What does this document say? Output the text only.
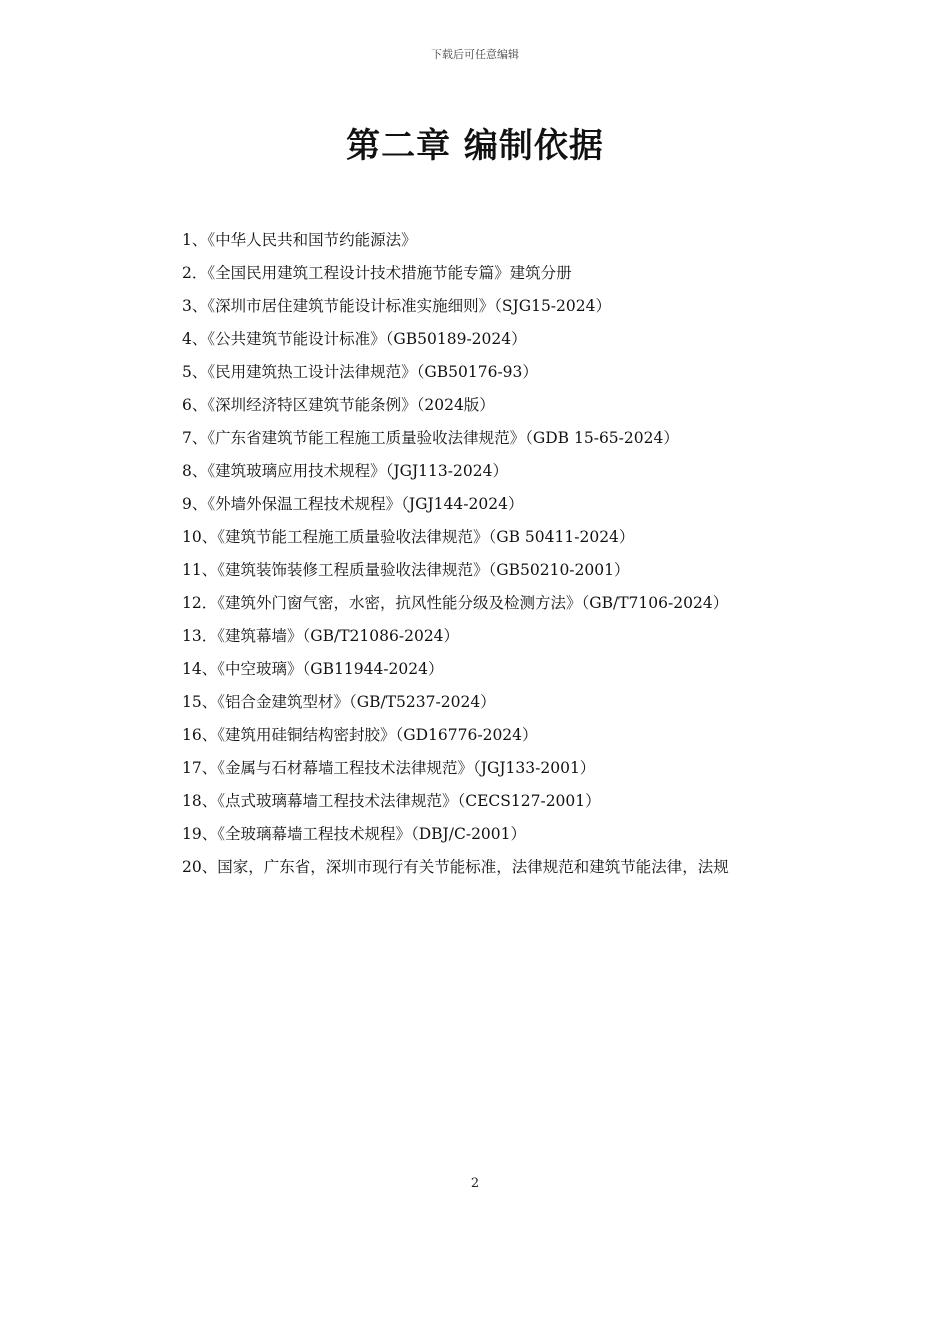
下载后可任意编辑
第二章 编制依据
1、《中华人民共和国节约能源法》
2．《全国民用建筑工程设计技术措施节能专篇》建筑分册
3、《深圳市居住建筑节能设计标准实施细则》（SJG15-2024）
4、《公共建筑节能设计标准》（GB50189-2024）
5、《民用建筑热工设计法律规范》（GB50176-93）
6、《深圳经济特区建筑节能条例》（2024版）
7、《广东省建筑节能工程施工质量验收法律规范》（GDB 15-65-2024）
8、《建筑玻璃应用技术规程》（JGJ113-2024）
9、《外墙外保温工程技术规程》（JGJ144-2024）
10、《建筑节能工程施工质量验收法律规范》（GB 50411-2024）
11、《建筑装饰装修工程质量验收法律规范》（GB50210-2001）
12．《建筑外门窗气密，水密，抗风性能分级及检测方法》（GB/T7106-2024）
13．《建筑幕墙》（GB/T21086-2024）
14、《中空玻璃》（GB11944-2024）
15、《铝合金建筑型材》（GB/T5237-2024）
16、《建筑用硅铜结构密封胶》（GD16776-2024）
17、《金属与石材幕墙工程技术法律规范》（JGJ133-2001）
18、《点式玻璃幕墙工程技术法律规范》（CECS127-2001）
19、《全玻璃幕墙工程技术规程》（DBJ/C-2001）
20、国家，广东省，深圳市现行有关节能标准，法律规范和建筑节能法律，法规
2
